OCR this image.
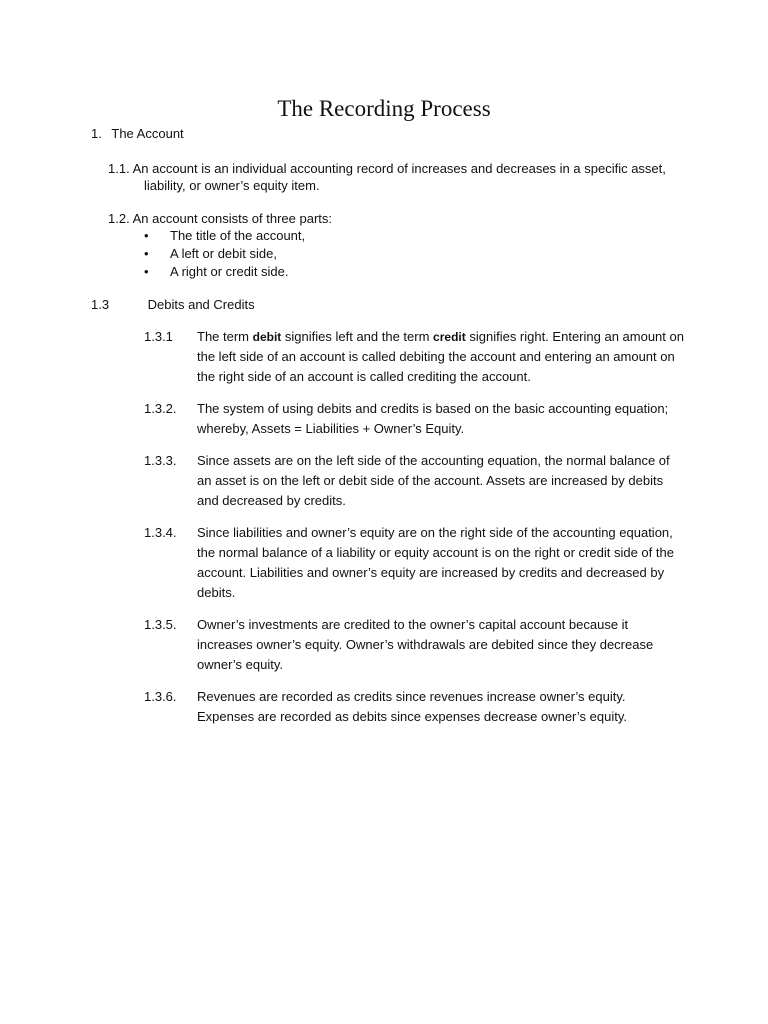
The Recording Process
1. The Account
1.1. An account is an individual accounting record of increases and decreases in a specific asset,
liability, or owner’s equity item.
1.2. An account consists of three parts:
•	The title of the account,
•	A left or debit side,
•	A right or credit side.
1.3	Debits and Credits
1.3.1	The term debit signifies left and the term credit signifies right. Entering an amount on the left side of an account is called debiting the account and entering an amount on the right side of an account is called crediting the account.
1.3.2.	The system of using debits and credits is based on the basic accounting equation; whereby, Assets = Liabilities + Owner’s Equity.
1.3.3.	Since assets are on the left side of the accounting equation, the normal balance of an asset is on the left or debit side of the account. Assets are increased by debits and decreased by credits.
1.3.4.	Since liabilities and owner’s equity are on the right side of the accounting equation, the normal balance of a liability or equity account is on the right or credit side of the account. Liabilities and owner’s equity are increased by credits and decreased by debits.
1.3.5.	Owner’s investments are credited to the owner’s capital account because it increases owner’s equity. Owner’s withdrawals are debited since they decrease owner’s equity.
1.3.6.	Revenues are recorded as credits since revenues increase owner’s equity. Expenses are recorded as debits since expenses decrease owner’s equity.
